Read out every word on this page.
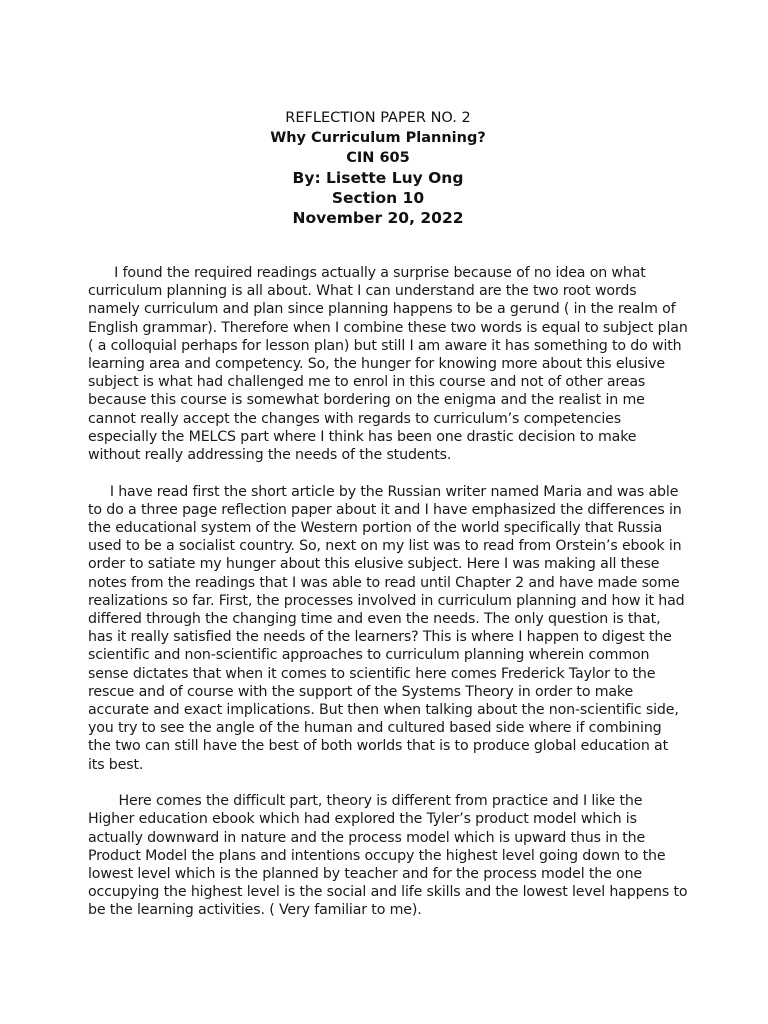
REFLECTION PAPER NO. 2
Why Curriculum Planning?
CIN 605
By: Lisette Luy Ong
Section 10
November 20, 2022

I found the required readings actually a surprise because of no idea on what curriculum planning is all about. What I can understand are the two root words namely curriculum and plan since planning happens to be a gerund ( in the realm of English grammar). Therefore when I combine these two words is equal to subject plan ( a colloquial perhaps for lesson plan) but still I am aware it has something to do with learning area and competency. So, the hunger for knowing more about this elusive subject is what had challenged me to enrol in this course and not of other areas because this course is somewhat bordering on the enigma and the realist in me cannot really accept the changes with regards to curriculum’s competencies especially the MELCS part where I think has been one drastic decision to make without really addressing the needs of the students.

I have read first the short article by the Russian writer named Maria and was able to do a three page reflection paper about it and I have emphasized the differences in the educational system of the Western portion of the world specifically that Russia used to be a socialist country. So, next on my list was to read from Orstein’s ebook in order to satiate my hunger about this elusive subject. Here I was making all these notes from the readings that I was able to read until Chapter 2 and have made some realizations so far. First, the processes involved in curriculum planning and how it had differed through the changing time and even the needs. The only question is that, has it really satisfied the needs of the learners? This is where I happen to digest the scientific and non-scientific approaches to curriculum planning wherein common sense dictates that when it comes to scientific here comes Frederick Taylor to the rescue and of course with the support of the Systems Theory in order to make accurate and exact implications. But then when talking about the non-scientific side, you try to see the angle of the human and cultured based side where if combining the two can still have the best of both worlds that is to produce global education at its best.

Here comes the difficult part, theory is different from practice and I like the Higher education ebook which had explored the Tyler’s product model which is actually downward in nature and the process model which is upward thus in the Product Model the plans and intentions occupy the highest level going down to the lowest level which is the planned by teacher and for the process model the one occupying the highest level is the social and life skills and the lowest level happens to be the learning activities. ( Very familiar to me).
